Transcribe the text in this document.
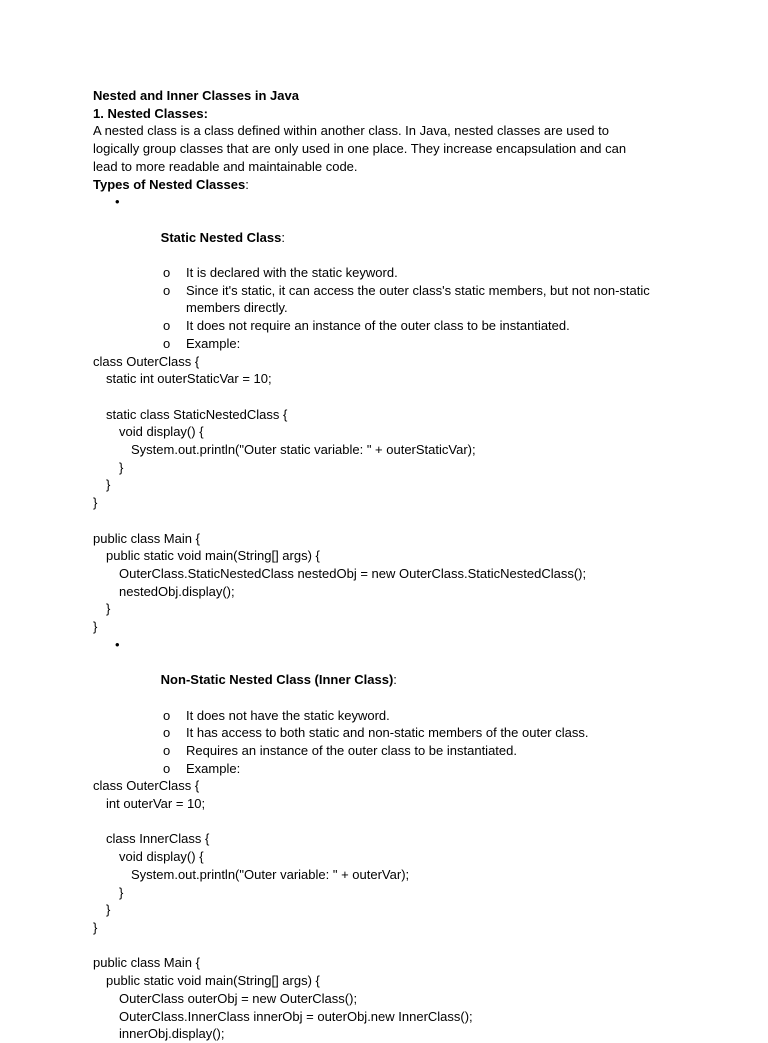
Nested and Inner Classes in Java
1. Nested Classes:
A nested class is a class defined within another class. In Java, nested classes are used to logically group classes that are only used in one place. They increase encapsulation and can lead to more readable and maintainable code.
Types of Nested Classes:

•

Static Nested Class:

o It is declared with the static keyword.
o Since it's static, it can access the outer class's static members, but not non-static members directly.
o It does not require an instance of the outer class to be instantiated.
o Example:
class OuterClass {
static int outerStaticVar = 10;
static class StaticNestedClass {
void display() {
System.out.println("Outer static variable: " + outerStaticVar);
}
}
}
public class Main {
public static void main(String[] args) {
OuterClass.StaticNestedClass nestedObj = new OuterClass.StaticNestedClass();
nestedObj.display();
}
}

•

Non-Static Nested Class (Inner Class):

o It does not have the static keyword.
o It has access to both static and non-static members of the outer class.
o Requires an instance of the outer class to be instantiated.
o Example:
class OuterClass {
int outerVar = 10;
class InnerClass {
void display() {
System.out.println("Outer variable: " + outerVar);
}
}
}
public class Main {
public static void main(String[] args) {
OuterClass outerObj = new OuterClass();
OuterClass.InnerClass innerObj = outerObj.new InnerClass();
innerObj.display();
